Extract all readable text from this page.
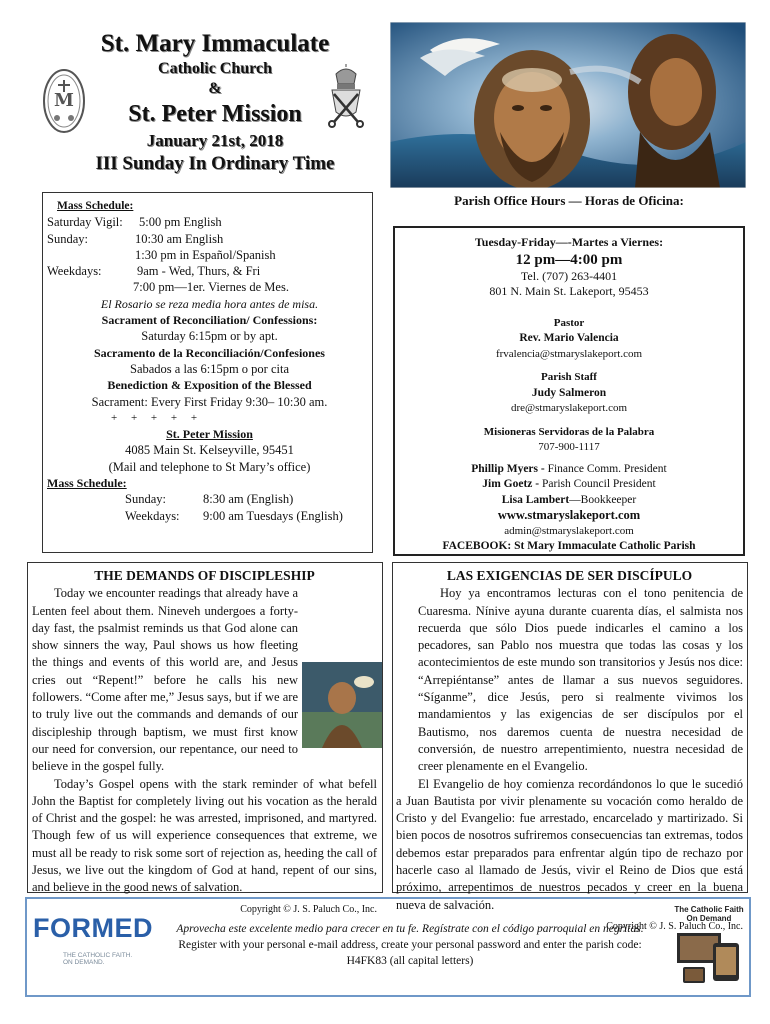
St. Mary Immaculate
Catholic Church
&
St. Peter Mission
January 21st, 2018
III Sunday In Ordinary Time
M
Mass Schedule:
Saturday Vigil:	5:00 pm English
Sunday:	10:30 am English
1:30 pm in Español/Spanish
Weekdays:	9am - Wed, Thurs, & Fri
7:00 pm—1er. Viernes de Mes.
El Rosario se reza media hora antes de misa.
Sacrament of Reconciliation/ Confessions:
Saturday 6:15pm or by apt.
Sacramento de la Reconciliación/Confesiones
Sabados a las 6:15pm o por cita
Benediction & Exposition of the Blessed
Sacrament: Every First Friday 9:30– 10:30 am.
+     +     +     +     +
St. Peter Mission
4085 Main St. Kelseyville, 95451
(Mail and telephone to St Mary’s office)
Mass Schedule:
Sunday:	8:30 am (English)
Weekdays:	9:00 am Tuesdays (English)
Parish Office Hours — Horas de Oficina:
Tuesday-Friday—-Martes a Viernes:
12 pm—4:00 pm
Tel. (707) 263-4401
801 N. Main St. Lakeport, 95453
Pastor
Rev. Mario Valencia
frvalencia@stmaryslakeport.com
Parish Staff
Judy Salmeron
dre@stmaryslakeport.com
Misioneras Servidoras de la Palabra
707-900-1117
Phillip Myers - Finance Comm. President
Jim Goetz - Parish Council President
Lisa Lambert—Bookkeeper
www.stmaryslakeport.com
admin@stmaryslakeport.com
FACEBOOK: St Mary Immaculate Catholic Parish
THE DEMANDS OF DISCIPLESHIP

Today we encounter readings that already have a Lenten feel about them. Nineveh undergoes a forty-day fast, the psalmist reminds us that God alone can show sinners the way, Paul shows us how fleeting the things and events of this world are, and Jesus cries out “Repent!” before he calls his new followers. “Come after me,” Jesus says, but if we are to truly live out the commands and demands of our discipleship through baptism, we must first know our need for conversion, our repentance, our need to believe in the gospel fully.

Today’s Gospel opens with the stark reminder of what befell John the Baptist for completely living out his vocation as the herald of Christ and the gospel: he was arrested, imprisoned, and martyred. Though few of us will experience consequences that extreme, we must all be ready to risk some sort of rejection as, heeding the call of Jesus, we live out the kingdom of God at hand, repent of our sins, and believe in the good news of salvation.

Copyright © J. S. Paluch Co., Inc.
LAS EXIGENCIAS DE SER DISCÍPULO

Hoy ya encontramos lecturas con el tono penitencia de Cuaresma. Nínive ayuna durante cuarenta días, el salmista nos recuerda que sólo Dios puede indicarles el camino a los pecadores, san Pablo nos muestra que todas las cosas y los acontecimientos de este mundo son transitorios y Jesús nos dice: “Arrepiéntanse” antes de llamar a sus nuevos seguidores. “Síganme”, dice Jesús, pero si realmente vivimos los mandamientos y las exigencias de ser discípulos por el Bautismo, nos daremos cuenta de nuestra necesidad de conversión, de nuestro arrepentimiento, nuestra necesidad de creer plenamente en el Evangelio.

El Evangelio de hoy comienza recordándonos lo que le sucedió a Juan Bautista por vivir plenamente su vocación como heraldo de Cristo y del Evangelio: fue arrestado, encarcelado y martirizado. Si bien pocos de nosotros sufriremos consecuencias tan extremas, todos debemos estar preparados para enfrentar algún tipo de rechazo por hacerle caso al llamado de Jesús, vivir el Reino de Dios que está próximo, arrepentimos de nuestros pecados y creer en la buena nueva de salvación.

Copyright © J. S. Paluch Co., Inc.
FORMED
THE CATHOLIC FAITH.
ON DEMAND.
Aprovecha este excelente medio para crecer en tu fe. Regístrate con el código parroquial en negritas.
Register with your personal e-mail address, create your personal password and enter the parish code:
H4FK83 (all capital letters)
The Catholic Faith On Demand
